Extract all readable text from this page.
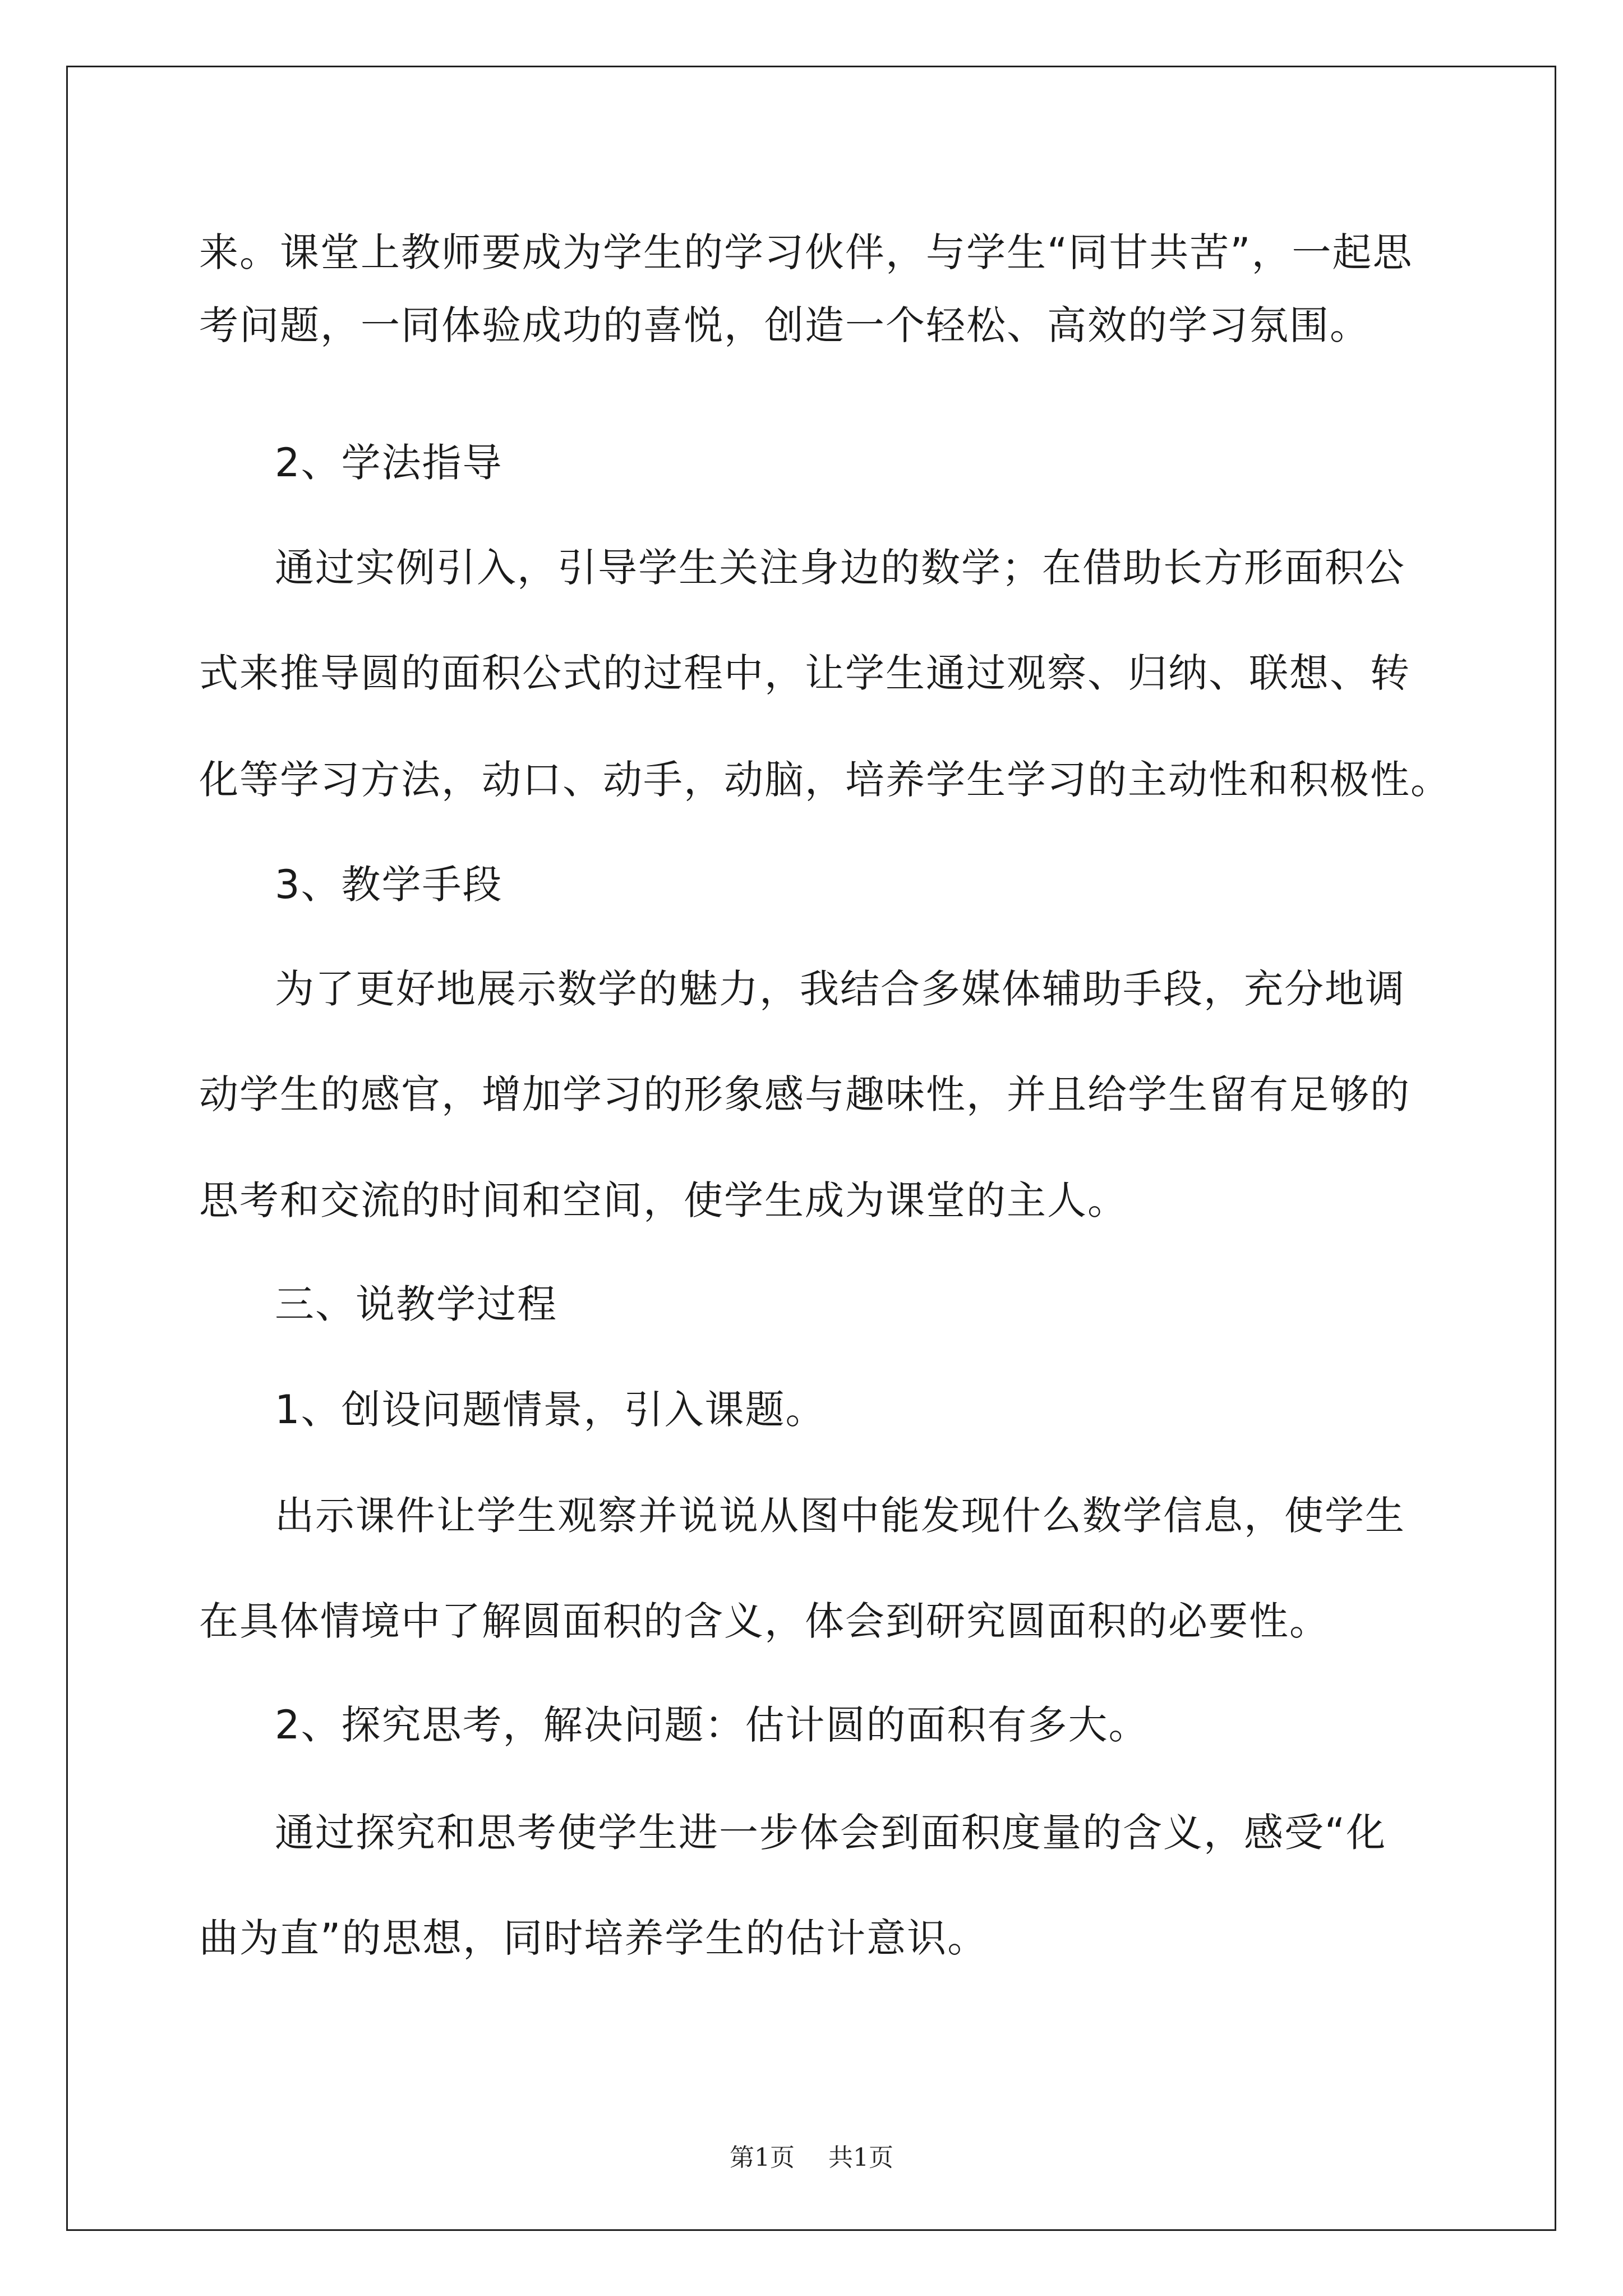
来。课堂上教师要成为学生的学习伙伴，与学生“同甘共苦”，一起思
考问题，一同体验成功的喜悦，创造一个轻松、高效的学习氛围。
2、学法指导
通过实例引入，引导学生关注身边的数学；在借助长方形面积公
式来推导圆的面积公式的过程中，让学生通过观察、归纳、联想、转
化等学习方法，动口、动手，动脑，培养学生学习的主动性和积极性。
3、教学手段
为了更好地展示数学的魅力，我结合多媒体辅助手段，充分地调
动学生的感官，增加学习的形象感与趣味性，并且给学生留有足够的
思考和交流的时间和空间，使学生成为课堂的主人。
三、说教学过程
1、创设问题情景，引入课题。
出示课件让学生观察并说说从图中能发现什么数学信息，使学生
在具体情境中了解圆面积的含义，体会到研究圆面积的必要性。
2、探究思考，解决问题：估计圆的面积有多大。
通过探究和思考使学生进一步体会到面积度量的含义，感受“化
曲为直”的思想，同时培养学生的估计意识。
第1页 共1页
